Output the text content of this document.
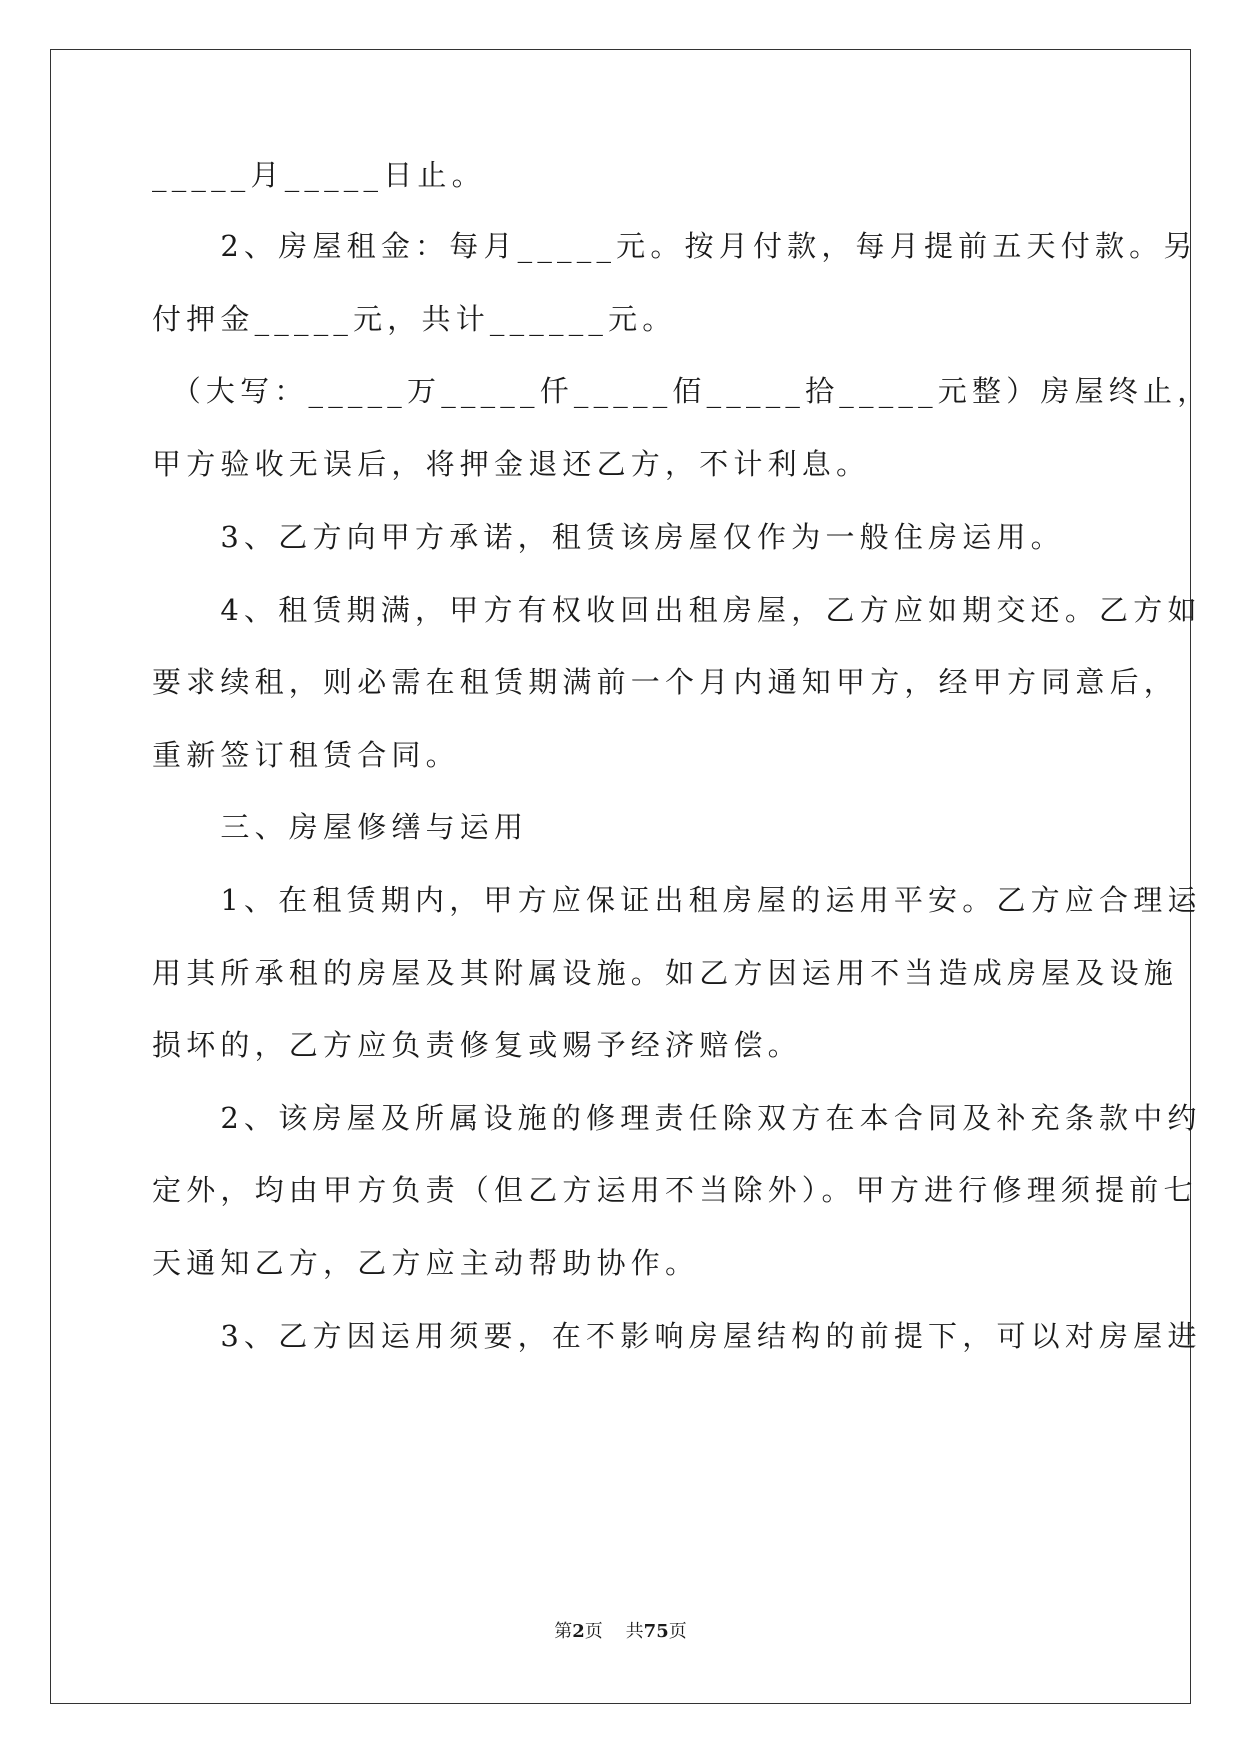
_____月_____日止。
　　2、房屋租金：每月_____元。按月付款，每月提前五天付款。另
付押金_____元，共计______元。
　（大写：_____万_____仟_____佰_____拾_____元整）房屋终止，
甲方验收无误后，将押金退还乙方，不计利息。
　　3、乙方向甲方承诺，租赁该房屋仅作为一般住房运用。
　　4、租赁期满，甲方有权收回出租房屋，乙方应如期交还。乙方如
要求续租，则必需在租赁期满前一个月内通知甲方，经甲方同意后，
重新签订租赁合同。
　　三、房屋修缮与运用
　　1、在租赁期内，甲方应保证出租房屋的运用平安。乙方应合理运
用其所承租的房屋及其附属设施。如乙方因运用不当造成房屋及设施
损坏的，乙方应负责修复或赐予经济赔偿。
　　2、该房屋及所属设施的修理责任除双方在本合同及补充条款中约
定外，均由甲方负责（但乙方运用不当除外）。甲方进行修理须提前七
天通知乙方，乙方应主动帮助协作。
　　3、乙方因运用须要，在不影响房屋结构的前提下，可以对房屋进
第2页 共75页
